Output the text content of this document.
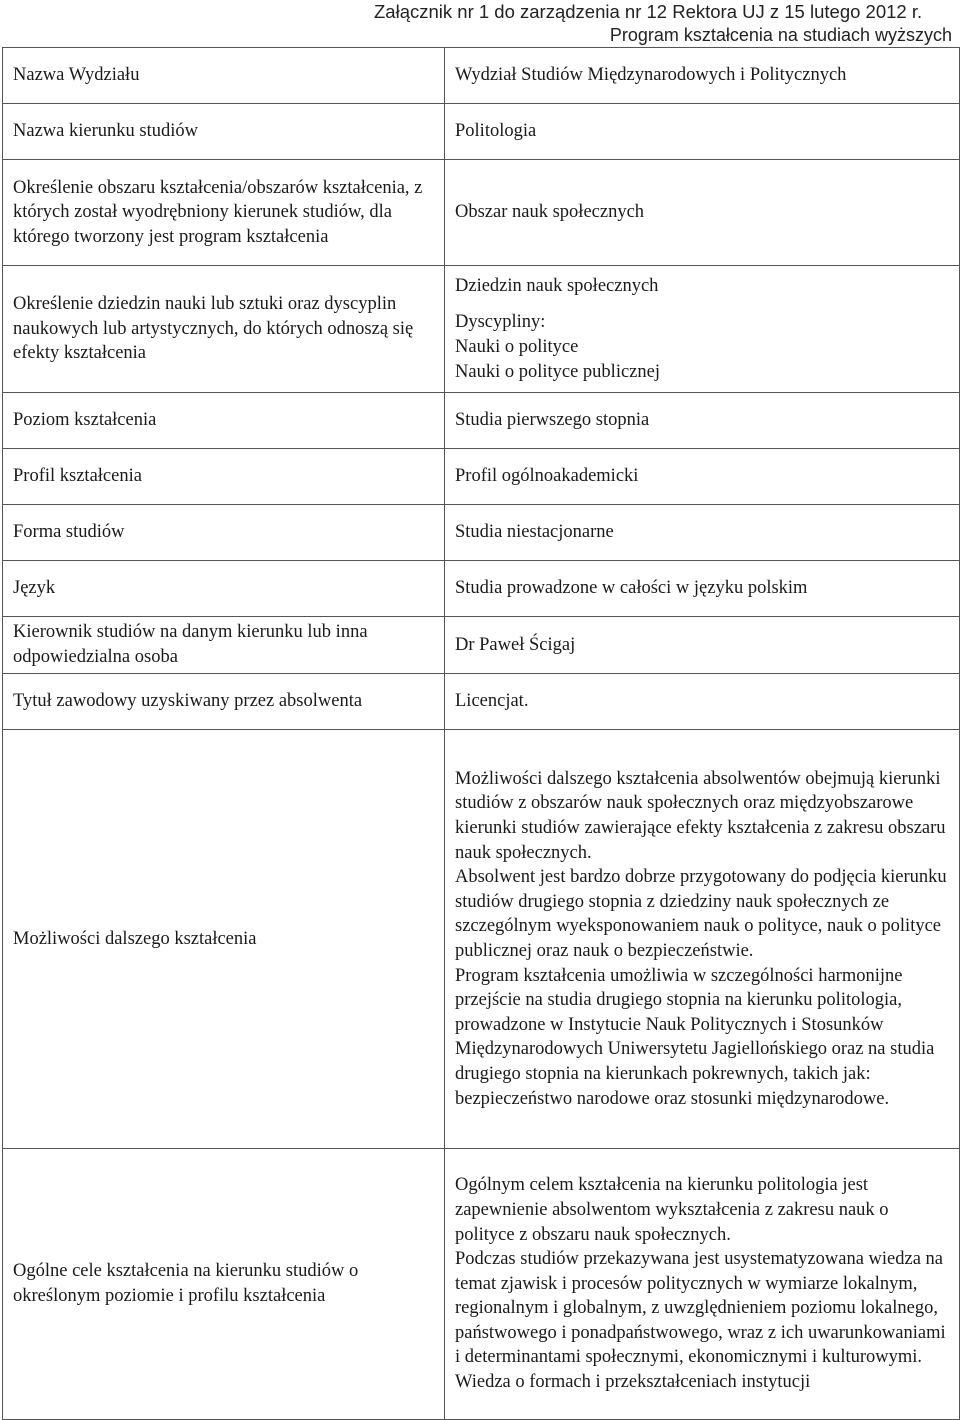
Załącznik nr 1 do zarządzenia nr 12 Rektora UJ z 15 lutego 2012 r.
Program kształcenia na studiach wyższych
Nazwa Wydziału	Wydział Studiów Międzynarodowych i Politycznych
Nazwa kierunku studiów	Politologia
Określenie obszaru kształcenia/obszarów kształcenia, z których został wyodrębniony kierunek studiów, dla którego tworzony jest program kształcenia	Obszar nauk społecznych
Określenie dziedzin nauki lub sztuki oraz dyscyplin naukowych lub artystycznych, do których odnoszą się efekty kształcenia	Dziedzin nauk społecznych
Dyscypliny:
Nauki o polityce
Nauki o polityce publicznej

Poziom kształcenia	Studia pierwszego stopnia
Profil kształcenia	Profil ogólnoakademicki
Forma studiów	Studia niestacjonarne
Język	Studia prowadzone w całości w języku polskim
Kierownik studiów na danym kierunku lub inna odpowiedzialna osoba	Dr Paweł Ścigaj
Tytuł zawodowy uzyskiwany przez absolwenta	Licencjat.
Możliwości dalszego kształcenia	Możliwości dalszego kształcenia absolwentów obejmują kierunki studiów z obszarów nauk społecznych oraz międzyobszarowe kierunki studiów zawierające efekty kształcenia z zakresu obszaru nauk społecznych.
Absolwent jest bardzo dobrze przygotowany do podjęcia kierunku studiów drugiego stopnia z dziedziny nauk społecznych ze szczególnym wyeksponowaniem nauk o polityce, nauk o polityce publicznej oraz nauk o bezpieczeństwie.
Program kształcenia umożliwia w szczególności harmonijne przejście na studia drugiego stopnia na kierunku politologia, prowadzone w Instytucie Nauk Politycznych i Stosunków Międzynarodowych Uniwersytetu Jagiellońskiego oraz na studia drugiego stopnia na kierunkach pokrewnych, takich jak: bezpieczeństwo narodowe oraz stosunki międzynarodowe.

Ogólne cele kształcenia na kierunku studiów o określonym poziomie i profilu kształcenia	Ogólnym celem kształcenia na kierunku politologia jest zapewnienie absolwentom wykształcenia z zakresu nauk o polityce z obszaru nauk społecznych.
Podczas studiów przekazywana jest usystematyzowana wiedza na temat zjawisk i procesów politycznych w wymiarze lokalnym, regionalnym i globalnym, z uwzględnieniem poziomu lokalnego, państwowego i ponadpaństwowego, wraz z ich uwarunkowaniami i determinantami społecznymi, ekonomicznymi i kulturowymi.
Wiedza o formach i przekształceniach instytucji
